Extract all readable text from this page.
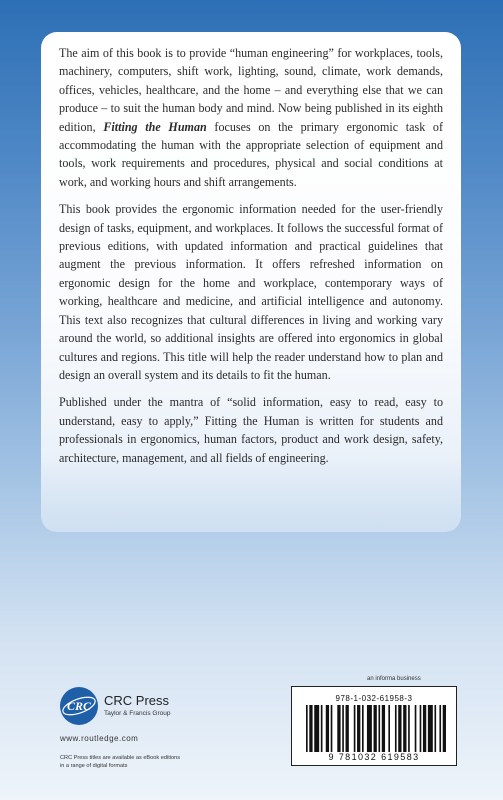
The aim of this book is to provide “human engineering” for workplaces, tools, machinery, computers, shift work, lighting, sound, climate, work demands, offices, vehicles, healthcare, and the home – and everything else that we can produce – to suit the human body and mind. Now being published in its eighth edition, Fitting the Human focuses on the primary ergonomic task of accommodating the human with the appropriate selection of equipment and tools, work requirements and procedures, physical and social conditions at work, and working hours and shift arrangements.

This book provides the ergonomic information needed for the user-friendly design of tasks, equipment, and workplaces. It follows the successful format of previous editions, with updated information and practical guidelines that augment the previous information. It offers refreshed information on ergonomic design for the home and workplace, contemporary ways of working, healthcare and medicine, and artificial intelligence and autonomy. This text also recognizes that cultural differences in living and working vary around the world, so additional insights are offered into ergonomics in global cultures and regions. This title will help the reader understand how to plan and design an overall system and its details to fit the human.

Published under the mantra of “solid information, easy to read, easy to understand, easy to apply,” Fitting the Human is written for students and professionals in ergonomics, human factors, product and work design, safety, architecture, management, and all fields of engineering.

an informa business
978-1-032-61958-3
9 781032 619583
CRC CRC Press
Taylor & Francis Group
www.routledge.com
CRC Press titles are available as eBook editions
in a range of digital formats
